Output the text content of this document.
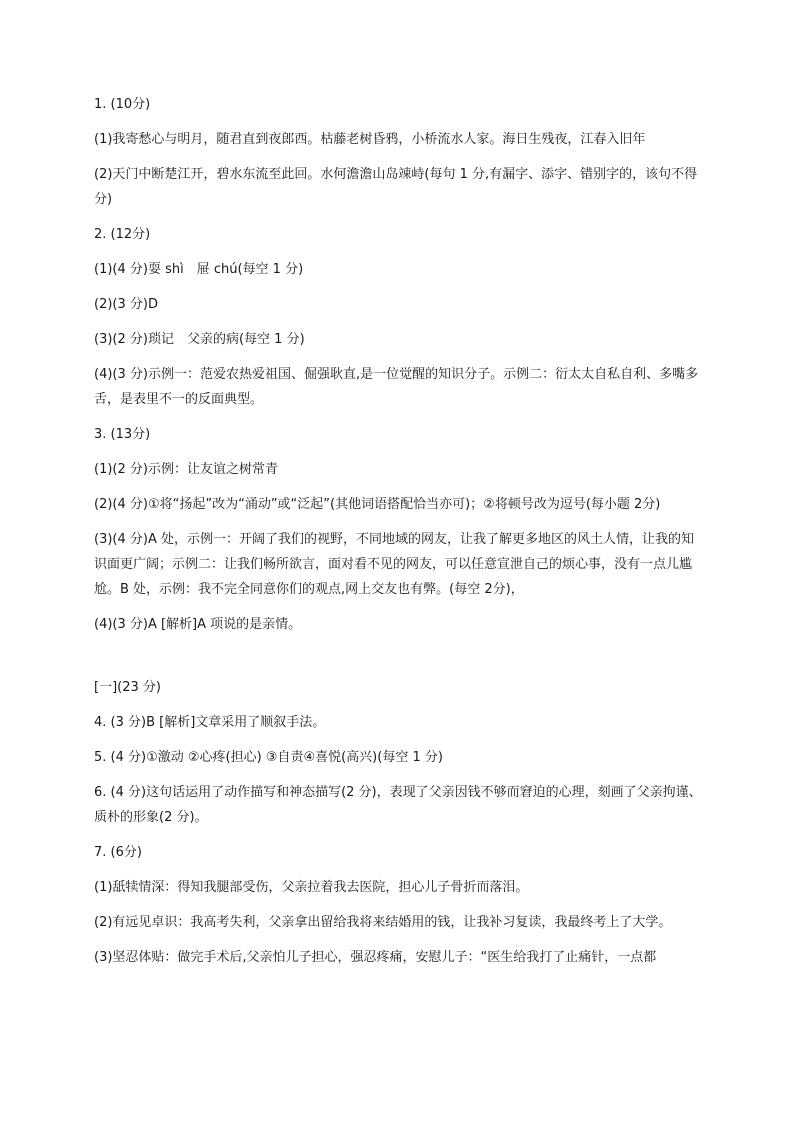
1. (10分)

(1)我寄愁心与明月，随君直到夜郎西。枯藤老树昏鸦，小桥流水人家。海日生残夜，江春入旧年

(2)天门中断楚江开，碧水东流至此回。水何澹澹山岛竦峙(每句 1 分,有漏字、添字、错别字的，该句不得分)

2. (12分)

(1)(4 分)耍 shì　屉 chú(每空 1 分)

(2)(3 分)D

(3)(2 分)琐记　父亲的病(每空 1 分)

(4)(3 分)示例一：范爱农热爱祖国、倔强耿直,是一位觉醒的知识分子。示例二：衍太太自私自利、多嘴多舌，是表里不一的反面典型。

3. (13分)

(1)(2 分)示例：让友谊之树常青

(2)(4 分)①将“扬起”改为“涌动”或“泛起”(其他词语搭配恰当亦可)；②将顿号改为逗号(每小题 2分)

(3)(4 分)A 处，示例一：开阔了我们的视野，不同地域的网友，让我了解更多地区的风土人情，让我的知识面更广阔；示例二：让我们畅所欲言，面对看不见的网友，可以任意宣泄自己的烦心事，没有一点儿尴尬。B 处，示例：我不完全同意你们的观点,网上交友也有弊。(每空 2分)，

(4)(3 分)A [解析]A 项说的是亲情。

[一](23 分)

4. (3 分)B [解析]文章采用了顺叙手法。

5. (4 分)①激动 ②心疼(担心) ③自责④喜悦(高兴)(每空 1 分)

6. (4 分)这句话运用了动作描写和神态描写(2 分)，表现了父亲因钱不够而窘迫的心理，刻画了父亲拘谨、质朴的形象(2 分)。

7. (6分)

(1)舐犊情深：得知我腿部受伤，父亲拉着我去医院，担心儿子骨折而落泪。

(2)有远见卓识：我高考失利，父亲拿出留给我将来结婚用的钱，让我补习复读，我最终考上了大学。

(3)坚忍体贴：做完手术后,父亲怕儿子担心，强忍疼痛，安慰儿子：“医生给我打了止痛针，一点都
